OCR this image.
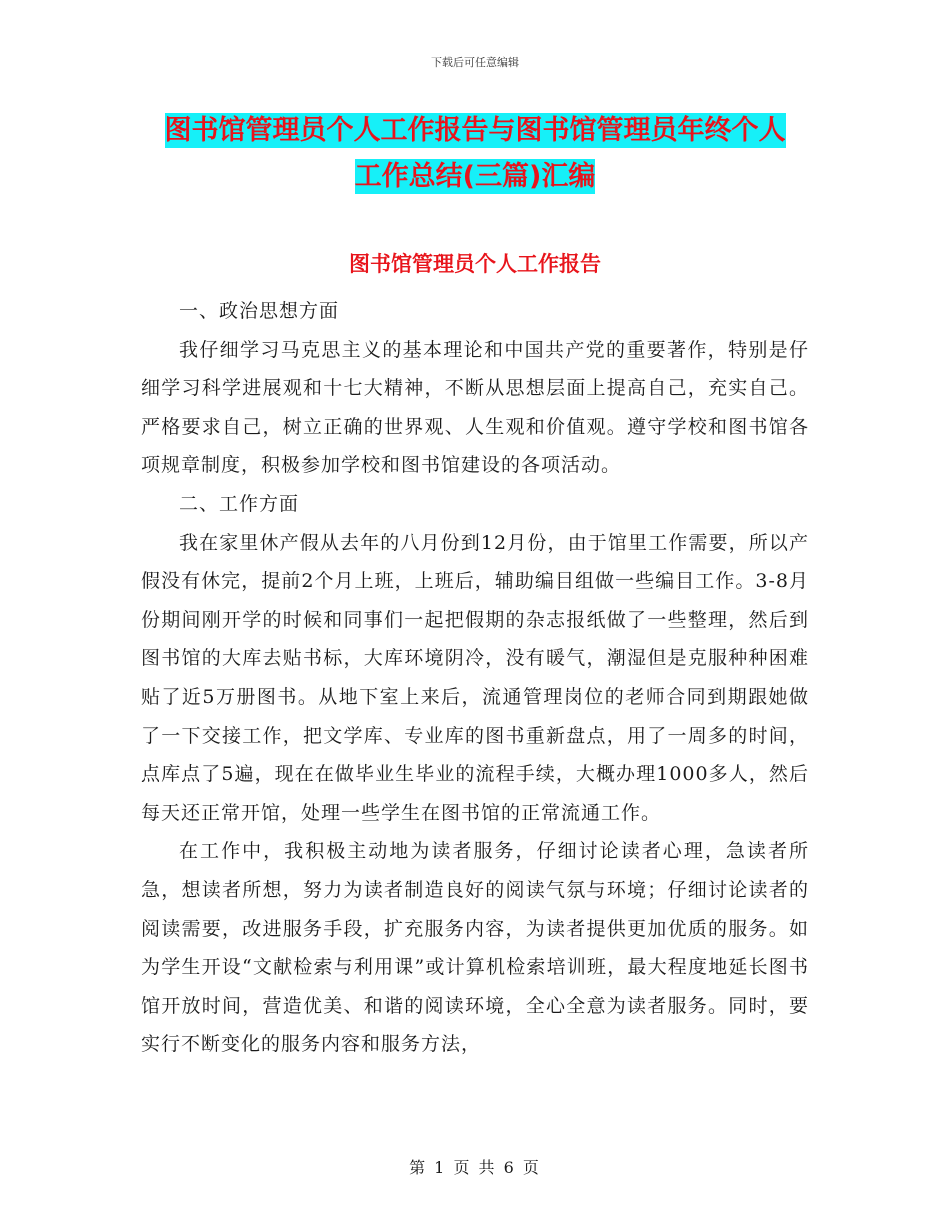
下载后可任意编辑
图书馆管理员个人工作报告与图书馆管理员年终个人
工作总结(三篇)汇编
图书馆管理员个人工作报告

一、政治思想方面

我仔细学习马克思主义的基本理论和中国共产党的重要著作，特别是仔细学习科学进展观和十七大精神，不断从思想层面上提高自己，充实自己。严格要求自己，树立正确的世界观、人生观和价值观。遵守学校和图书馆各项规章制度，积极参加学校和图书馆建设的各项活动。

二、工作方面

我在家里休产假从去年的八月份到12月份，由于馆里工作需要，所以产假没有休完，提前2个月上班，上班后，辅助编目组做一些编目工作。3-8月份期间刚开学的时候和同事们一起把假期的杂志报纸做了一些整理，然后到图书馆的大库去贴书标，大库环境阴冷，没有暖气，潮湿但是克服种种困难贴了近5万册图书。从地下室上来后，流通管理岗位的老师合同到期跟她做了一下交接工作，把文学库、专业库的图书重新盘点，用了一周多的时间，点库点了5遍，现在在做毕业生毕业的流程手续，大概办理1000多人，然后每天还正常开馆，处理一些学生在图书馆的正常流通工作。

在工作中，我积极主动地为读者服务，仔细讨论读者心理，急读者所急，想读者所想，努力为读者制造良好的阅读气氛与环境；仔细讨论读者的阅读需要，改进服务手段，扩充服务内容，为读者提供更加优质的服务。如为学生开设“文献检索与利用课”或计算机检索培训班，最大程度地延长图书馆开放时间，营造优美、和谐的阅读环境，全心全意为读者服务。同时，要实行不断变化的服务内容和服务方法，

第 1 页 共 6 页
